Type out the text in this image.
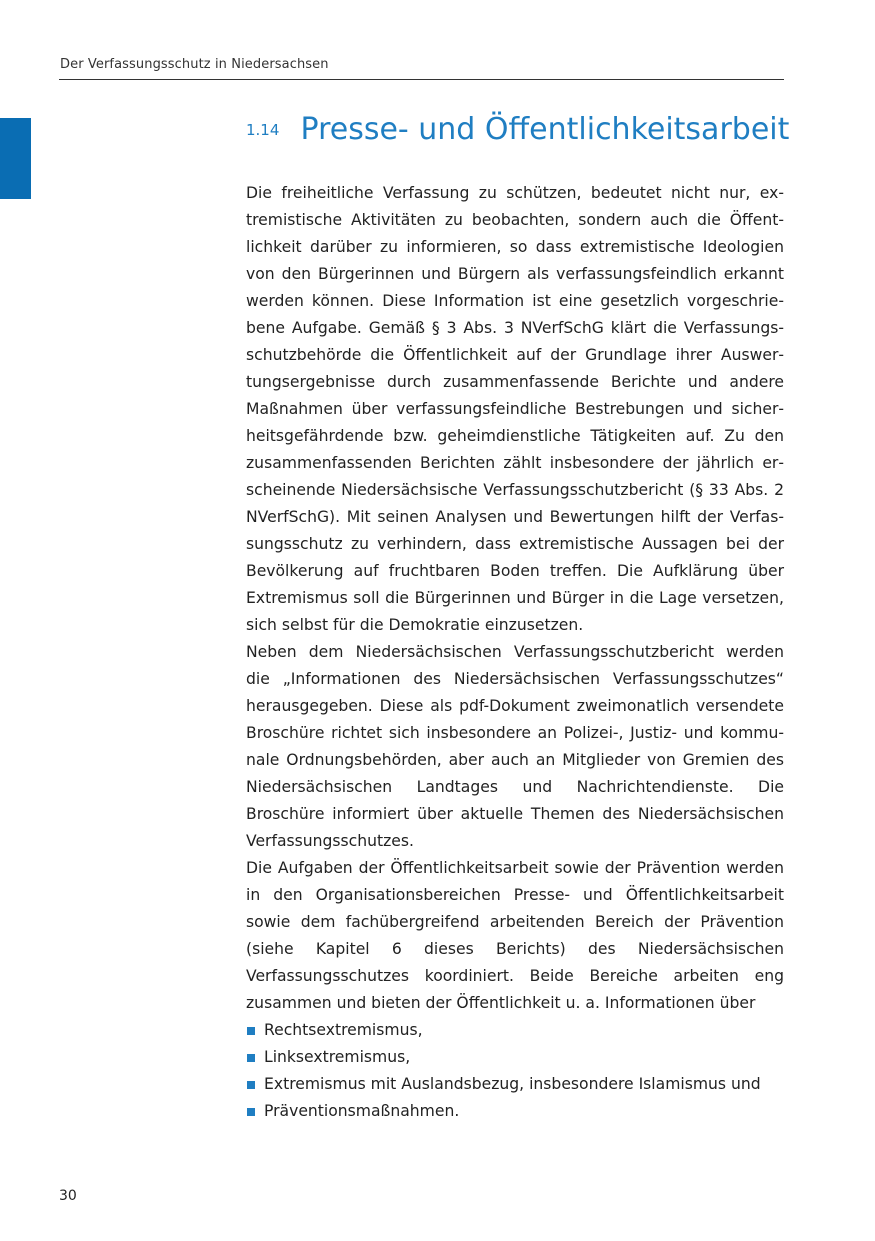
Der Verfassungsschutz in Niedersachsen
1.14 Presse- und Öffentlichkeitsarbeit

Die freiheitliche Verfassung zu schützen, bedeutet nicht nur, extremistische Aktivitäten zu beobachten, sondern auch die Öffentlichkeit darüber zu informieren, so dass extremistische Ideologien von den Bürgerinnen und Bürgern als verfassungsfeindlich erkannt werden können. Diese Information ist eine gesetzlich vorgeschriebene Aufgabe. Gemäß § 3 Abs. 3 NVerfSchG klärt die Verfassungsschutzbehörde die Öffentlichkeit auf der Grundlage ihrer Auswertungsergebnisse durch zusammenfassende Berichte und andere Maßnahmen über verfassungsfeindliche Bestrebungen und sicherheitsgefährdende bzw. geheimdienstliche Tätigkeiten auf. Zu den zusammenfassenden Berichten zählt insbesondere der jährlich erscheinende Niedersächsische Verfassungsschutzbericht (§ 33 Abs. 2 NVerfSchG). Mit seinen Analysen und Bewertungen hilft der Verfassungsschutz zu verhindern, dass extremistische Aussagen bei der Bevölkerung auf fruchtbaren Boden treffen. Die Aufklärung über Extremismus soll die Bürgerinnen und Bürger in die Lage versetzen, sich selbst für die Demokratie einzusetzen.

Neben dem Niedersächsischen Verfassungsschutzbericht werden die „Informationen des Niedersächsischen Verfassungsschutzes“ herausgegeben. Diese als pdf-Dokument zweimonatlich versendete Broschüre richtet sich insbesondere an Polizei-, Justiz- und kommunale Ordnungsbehörden, aber auch an Mitglieder von Gremien des Niedersächsischen Landtages und Nachrichtendienste. Die Broschüre informiert über aktuelle Themen des Niedersächsischen Verfassungsschutzes.

Die Aufgaben der Öffentlichkeitsarbeit sowie der Prävention werden in den Organisationsbereichen Presse- und Öffentlichkeitsarbeit sowie dem fachübergreifend arbeitenden Bereich der Prävention (siehe Kapitel 6 dieses Berichts) des Niedersächsischen Verfassungsschutzes koordiniert. Beide Bereiche arbeiten eng zusammen und bieten der Öffentlichkeit u. a. Informationen über

Rechtsextremismus,
Linksextremismus,
Extremismus mit Auslandsbezug, insbesondere Islamismus und
Präventionsmaßnahmen.
30
